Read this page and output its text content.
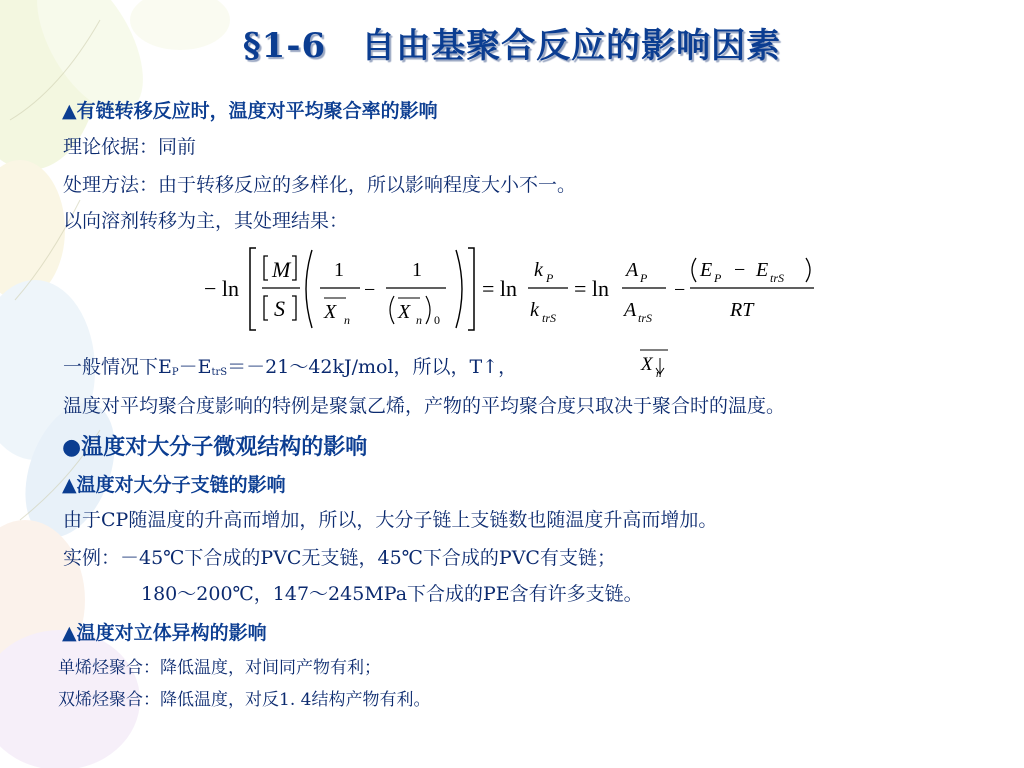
§1-6　自由基聚合反应的影响因素
▲有链转移反应时，温度对平均聚合率的影响
理论依据：同前
处理方法：由于转移反应的多样化，所以影响程度大小不一。
以向溶剂转移为主，其处理结果：
− ln
M
S
1
X n
−
1
X n 0
= ln
k P
k trS
= ln
A P
A trS
−
E P − E trS
RT
一般情况下$E_P-E_{trS}=-21\sim 42kJ$/mol，所以，T↑，	X n
温度对平均聚合度影响的特例是聚氯乙烯，产物的平均聚合度只取决于聚合时的温度。
●温度对大分子微观结构的影响
▲温度对大分子支链的影响
由于CP随温度的升高而增加，所以，大分子链上支链数也随温度升高而增加。
实例：－45℃下合成的PVC无支链，45℃下合成的PVC有支链；
180～200℃，147～245MPa下合成的PE含有许多支链。
▲温度对立体异构的影响
单烯烃聚合：降低温度，对间同产物有利；
双烯烃聚合：降低温度，对反1. 4结构产物有利。
